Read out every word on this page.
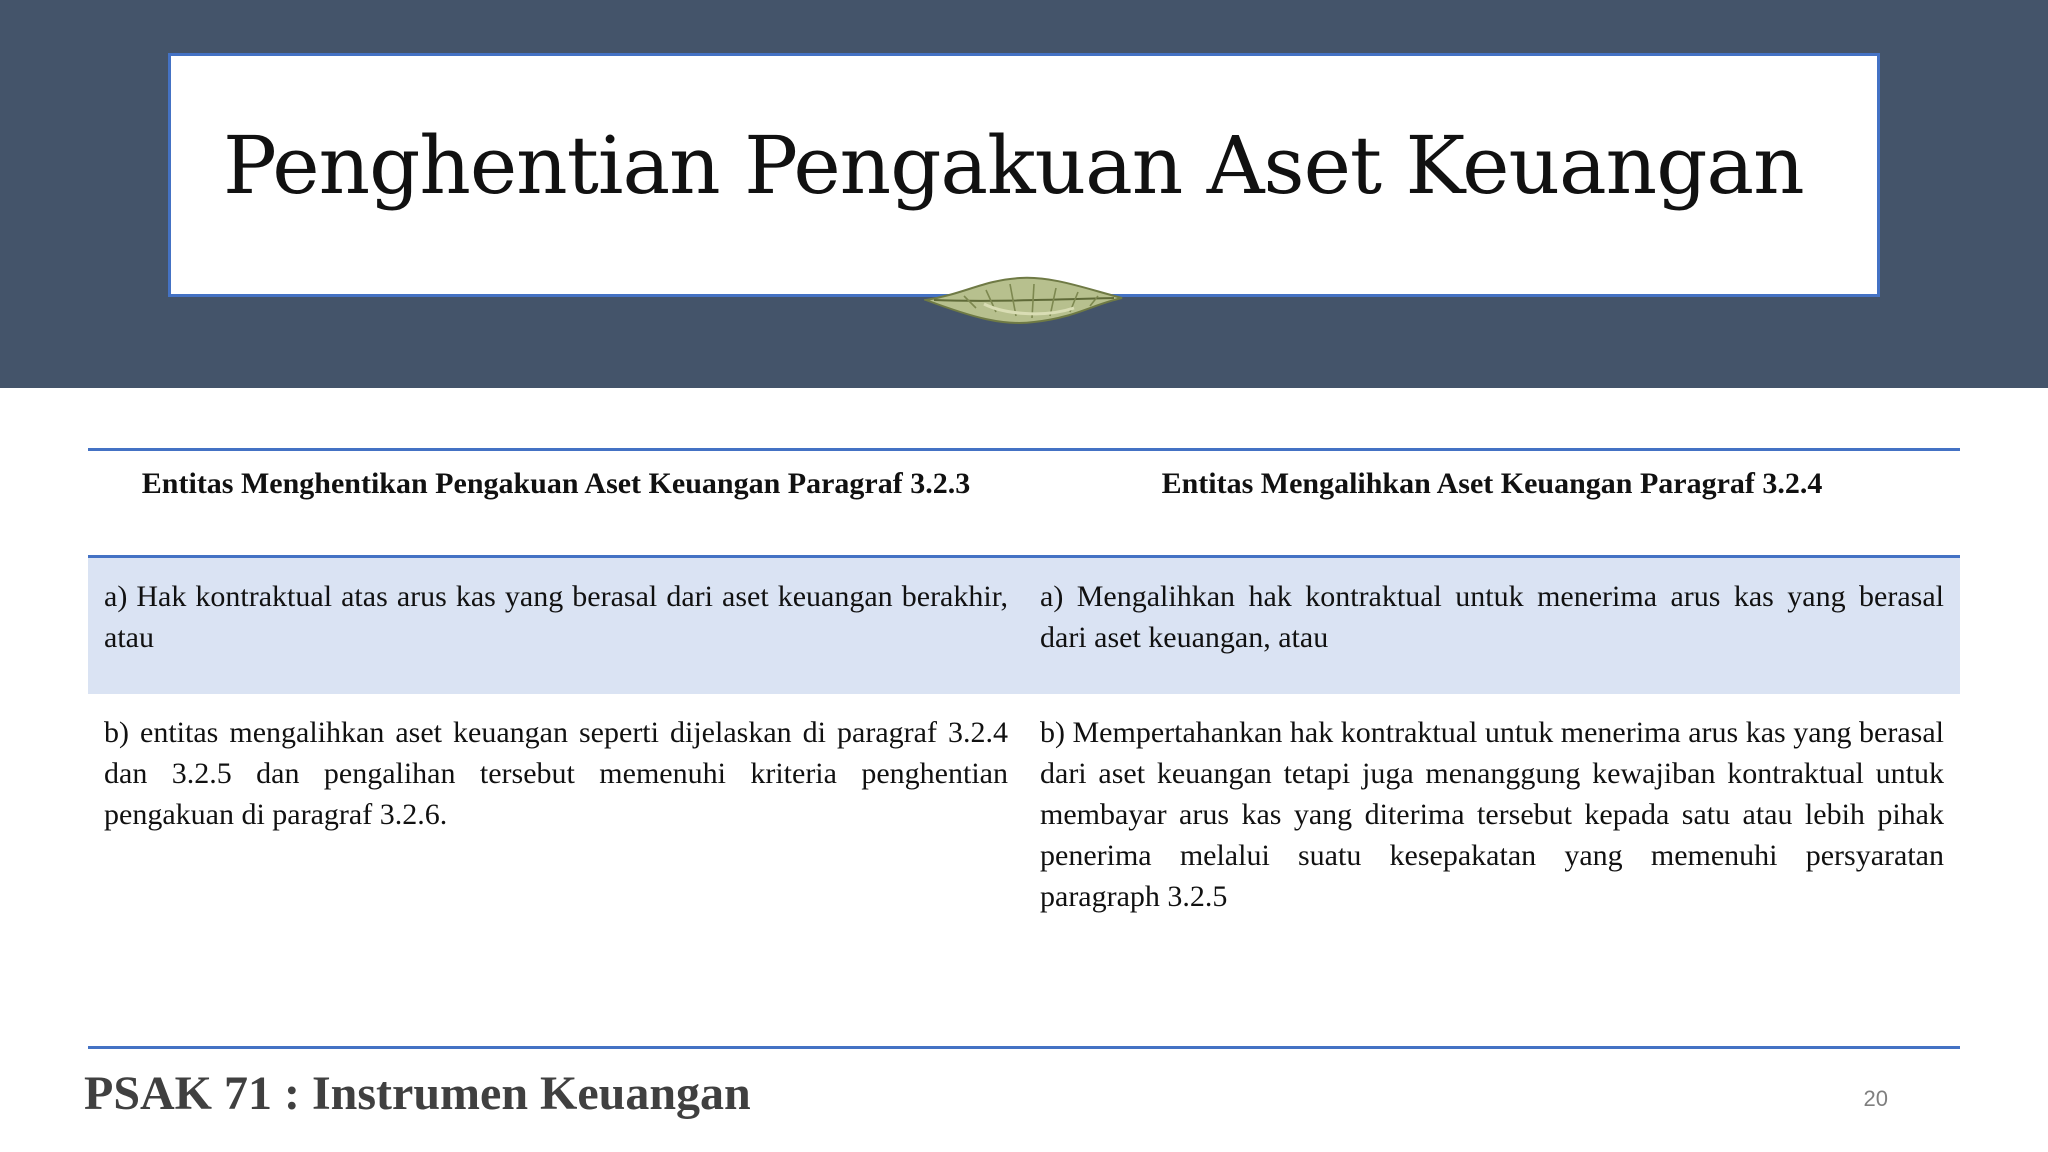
Penghentian Pengakuan Aset Keuangan
Entitas Menghentikan Pengakuan Aset Keuangan Paragraf 3.2.3	Entitas Mengalihkan Aset Keuangan Paragraf 3.2.4
a) Hak kontraktual atas arus kas yang berasal dari aset keuangan berakhir, atau	a) Mengalihkan hak kontraktual untuk menerima arus kas yang berasal dari aset keuangan, atau
b) entitas mengalihkan aset keuangan seperti dijelaskan di paragraf 3.2.4 dan 3.2.5 dan pengalihan tersebut memenuhi kriteria penghentian pengakuan di paragraf 3.2.6.	b) Mempertahankan hak kontraktual untuk menerima arus kas yang berasal dari aset keuangan tetapi juga menanggung kewajiban kontraktual untuk membayar arus kas yang diterima tersebut kepada satu atau lebih pihak penerima melalui suatu kesepakatan yang memenuhi persyaratan paragraph 3.2.5

PSAK 71 : Instrumen Keuangan	20
